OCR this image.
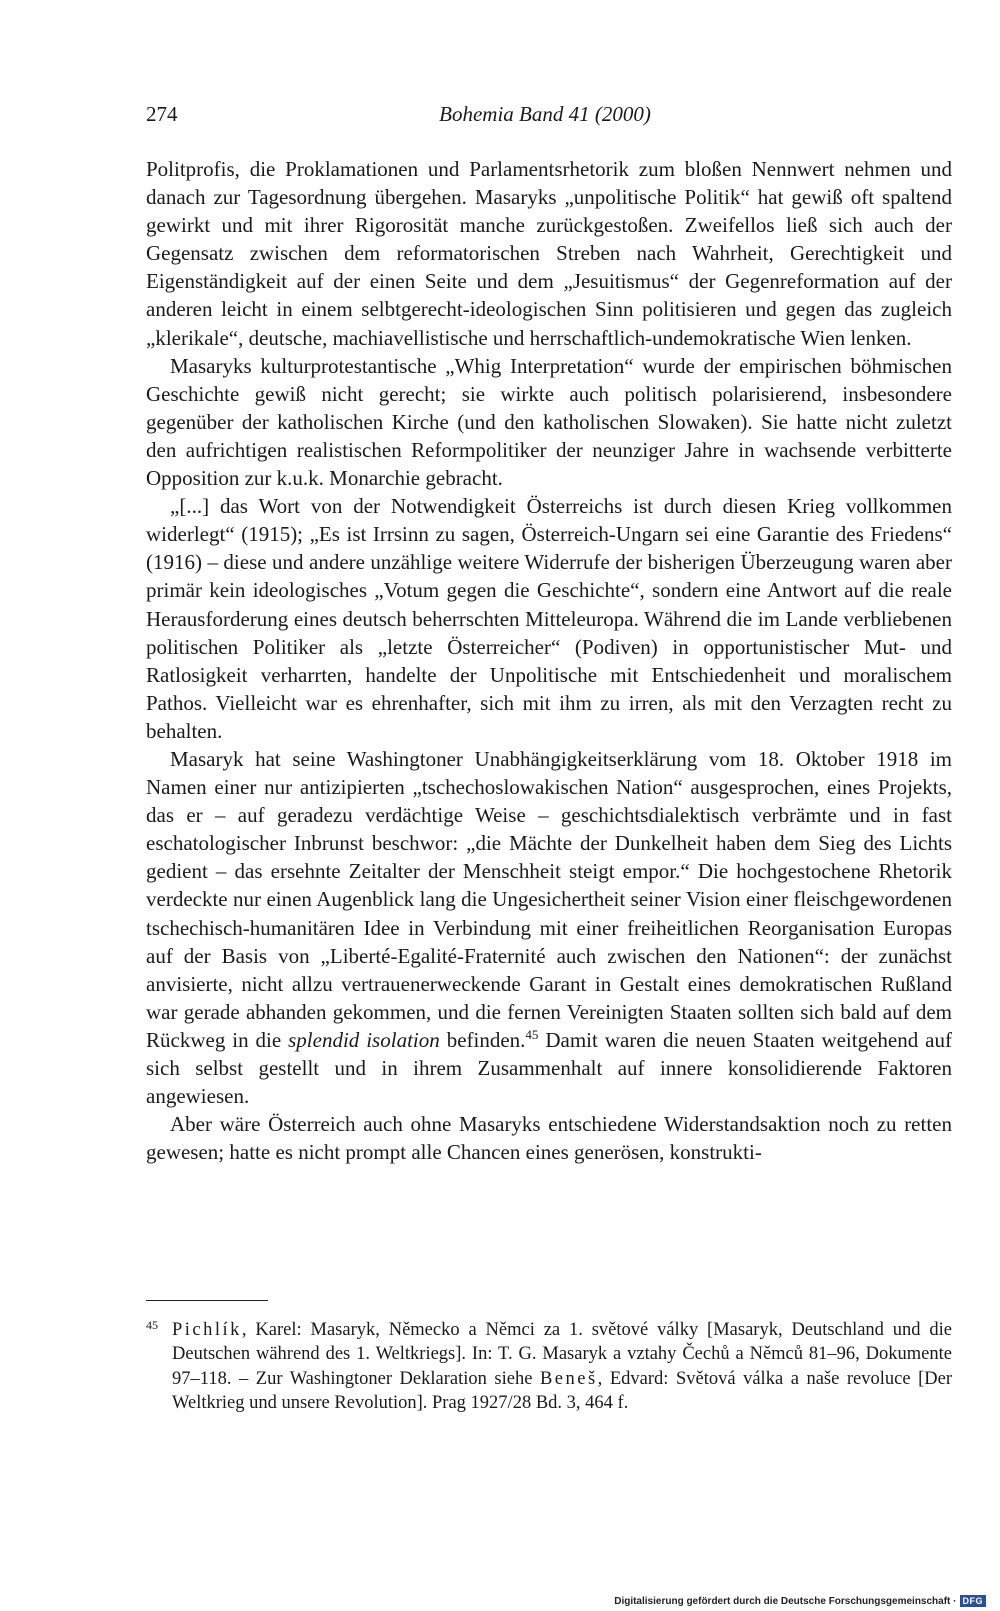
274	Bohemia Band 41 (2000)

Politprofis, die Proklamationen und Parlamentsrhetorik zum bloßen Nennwert nehmen und danach zur Tagesordnung übergehen. Masaryks „unpolitische Politik“ hat gewiß oft spaltend gewirkt und mit ihrer Rigorosität manche zurückgestoßen. Zweifellos ließ sich auch der Gegensatz zwischen dem reformatorischen Streben nach Wahrheit, Gerechtigkeit und Eigenständigkeit auf der einen Seite und dem „Jesuitismus“ der Gegenreformation auf der anderen leicht in einem selbtgerecht-ideologischen Sinn politisieren und gegen das zugleich „klerikale“, deutsche, machiavellistische und herrschaftlich-undemokratische Wien lenken.

Masaryks kulturprotestantische „Whig Interpretation“ wurde der empirischen böhmischen Geschichte gewiß nicht gerecht; sie wirkte auch politisch polarisierend, insbesondere gegenüber der katholischen Kirche (und den katholischen Slowaken). Sie hatte nicht zuletzt den aufrichtigen realistischen Reformpolitiker der neunziger Jahre in wachsende verbitterte Opposition zur k.u.k. Monarchie gebracht.

„[...] das Wort von der Notwendigkeit Österreichs ist durch diesen Krieg vollkommen widerlegt“ (1915); „Es ist Irrsinn zu sagen, Österreich-Ungarn sei eine Garantie des Friedens“ (1916) – diese und andere unzählige weitere Widerrufe der bisherigen Überzeugung waren aber primär kein ideologisches „Votum gegen die Geschichte“, sondern eine Antwort auf die reale Herausforderung eines deutsch beherrschten Mitteleuropa. Während die im Lande verbliebenen politischen Politiker als „letzte Österreicher“ (Podiven) in opportunistischer Mut- und Ratlosigkeit verharrten, handelte der Unpolitische mit Entschiedenheit und moralischem Pathos. Vielleicht war es ehrenhafter, sich mit ihm zu irren, als mit den Verzagten recht zu behalten.

Masaryk hat seine Washingtoner Unabhängigkeitserklärung vom 18. Oktober 1918 im Namen einer nur antizipierten „tschechoslowakischen Nation“ ausgesprochen, eines Projekts, das er – auf geradezu verdächtige Weise – geschichtsdialektisch verbrämte und in fast eschatologischer Inbrunst beschwor: „die Mächte der Dunkelheit haben dem Sieg des Lichts gedient – das ersehnte Zeitalter der Menschheit steigt empor.“ Die hochgestochene Rhetorik verdeckte nur einen Augenblick lang die Ungesichertheit seiner Vision einer fleischgewordenen tschechisch-humanitären Idee in Verbindung mit einer freiheitlichen Reorganisation Europas auf der Basis von „Liberté-Egalité-Fraternité auch zwischen den Nationen“: der zunächst anvisierte, nicht allzu vertrauenerweckende Garant in Gestalt eines demokratischen Rußland war gerade abhanden gekommen, und die fernen Vereinigten Staaten sollten sich bald auf dem Rückweg in die splendid isolation befinden.$^{45}$ Damit waren die neuen Staaten weitgehend auf sich selbst gestellt und in ihrem Zusammenhalt auf innere konsolidierende Faktoren angewiesen.

Aber wäre Österreich auch ohne Masaryks entschiedene Widerstandsaktion noch zu retten gewesen; hatte es nicht prompt alle Chancen eines generösen, konstrukti-

45 Pichlík, Karel: Masaryk, Německo a Němci za 1. světové války [Masaryk, Deutschland und die Deutschen während des 1. Weltkriegs]. In: T. G. Masaryk a vztahy Čechů a Němců 81–96, Dokumente 97–118. – Zur Washingtoner Deklaration siehe Beneš, Edvard: Světová válka a naše revoluce [Der Weltkrieg und unsere Revolution]. Prag 1927/28 Bd. 3, 464 f.
Digitalisierung gefördert durch die Deutsche Forschungsgemeinschaft · DFG
